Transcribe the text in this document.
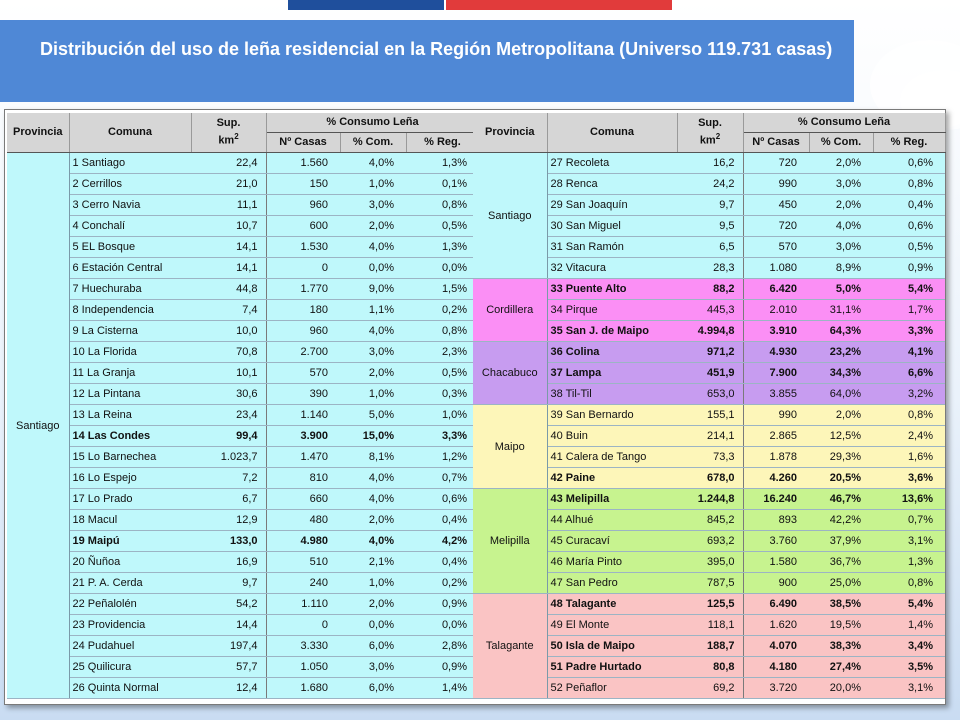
Distribución del uso de leña residencial en la Región Metropolitana (Universo 119.731 casas)
Provincia	Comuna	Sup.
$km^2$	% Consumo Leña		
			Nº Casas	% Com.	% Reg.
Santiago	1 Santiago	22,4	1.560	4,0%	1,3%
	2 Cerrillos	21,0	150	1,0%	0,1%
	3 Cerro Navia	11,1	960	3,0%	0,8%
	4 Conchalí	10,7	600	2,0%	0,5%
	5 EL Bosque	14,1	1.530	4,0%	1,3%
	6 Estación Central	14,1	0	0,0%	0,0%
	7 Huechuraba	44,8	1.770	9,0%	1,5%
	8 Independencia	7,4	180	1,1%	0,2%
	9 La Cisterna	10,0	960	4,0%	0,8%
	10 La Florida	70,8	2.700	3,0%	2,3%
	11 La Granja	10,1	570	2,0%	0,5%
	12 La Pintana	30,6	390	1,0%	0,3%
	13 La Reina	23,4	1.140	5,0%	1,0%
	14 Las Condes	99,4	3.900	15,0%	3,3%
	15 Lo Barnechea	1.023,7	1.470	8,1%	1,2%
	16 Lo Espejo	7,2	810	4,0%	0,7%
	17 Lo Prado	6,7	660	4,0%	0,6%
	18 Macul	12,9	480	2,0%	0,4%
	19 Maipú	133,0	4.980	4,0%	4,2%
	20 Ñuñoa	16,9	510	2,1%	0,4%
	21 P. A. Cerda	9,7	240	1,0%	0,2%
	22 Peñalolén	54,2	1.110	2,0%	0,9%
	23 Providencia	14,4	0	0,0%	0,0%
	24 Pudahuel	197,4	3.330	6,0%	2,8%
	25 Quilicura	57,7	1.050	3,0%	0,9%
	26 Quinta Normal	12,4	1.680	6,0%	1,4%
Provincia	Comuna	Sup.
$km^2$	% Consumo Leña		
			Nº Casas	% Com.	% Reg.
Santiago	27 Recoleta	16,2	720	2,0%	0,6%
	28 Renca	24,2	990	3,0%	0,8%
	29 San Joaquín	9,7	450	2,0%	0,4%
	30 San Miguel	9,5	720	4,0%	0,6%
	31 San Ramón	6,5	570	3,0%	0,5%
	32 Vitacura	28,3	1.080	8,9%	0,9%
Cordillera	33 Puente Alto	88,2	6.420	5,0%	5,4%
	34 Pirque	445,3	2.010	31,1%	1,7%
	35 San J. de Maipo	4.994,8	3.910	64,3%	3,3%
Chacabuco	36 Colina	971,2	4.930	23,2%	4,1%
	37 Lampa	451,9	7.900	34,3%	6,6%
	38 Til-Til	653,0	3.855	64,0%	3,2%
Maipo	39 San Bernardo	155,1	990	2,0%	0,8%
	40 Buin	214,1	2.865	12,5%	2,4%
	41 Calera de Tango	73,3	1.878	29,3%	1,6%
	42 Paine	678,0	4.260	20,5%	3,6%
Melipilla	43 Melipilla	1.244,8	16.240	46,7%	13,6%
	44 Alhué	845,2	893	42,2%	0,7%
	45 Curacaví	693,2	3.760	37,9%	3,1%
	46 María Pinto	395,0	1.580	36,7%	1,3%
	47 San Pedro	787,5	900	25,0%	0,8%
Talagante	48 Talagante	125,5	6.490	38,5%	5,4%
	49 El Monte	118,1	1.620	19,5%	1,4%
	50 Isla de Maipo	188,7	4.070	38,3%	3,4%
	51 Padre Hurtado	80,8	4.180	27,4%	3,5%
	52 Peñaflor	69,2	3.720	20,0%	3,1%
